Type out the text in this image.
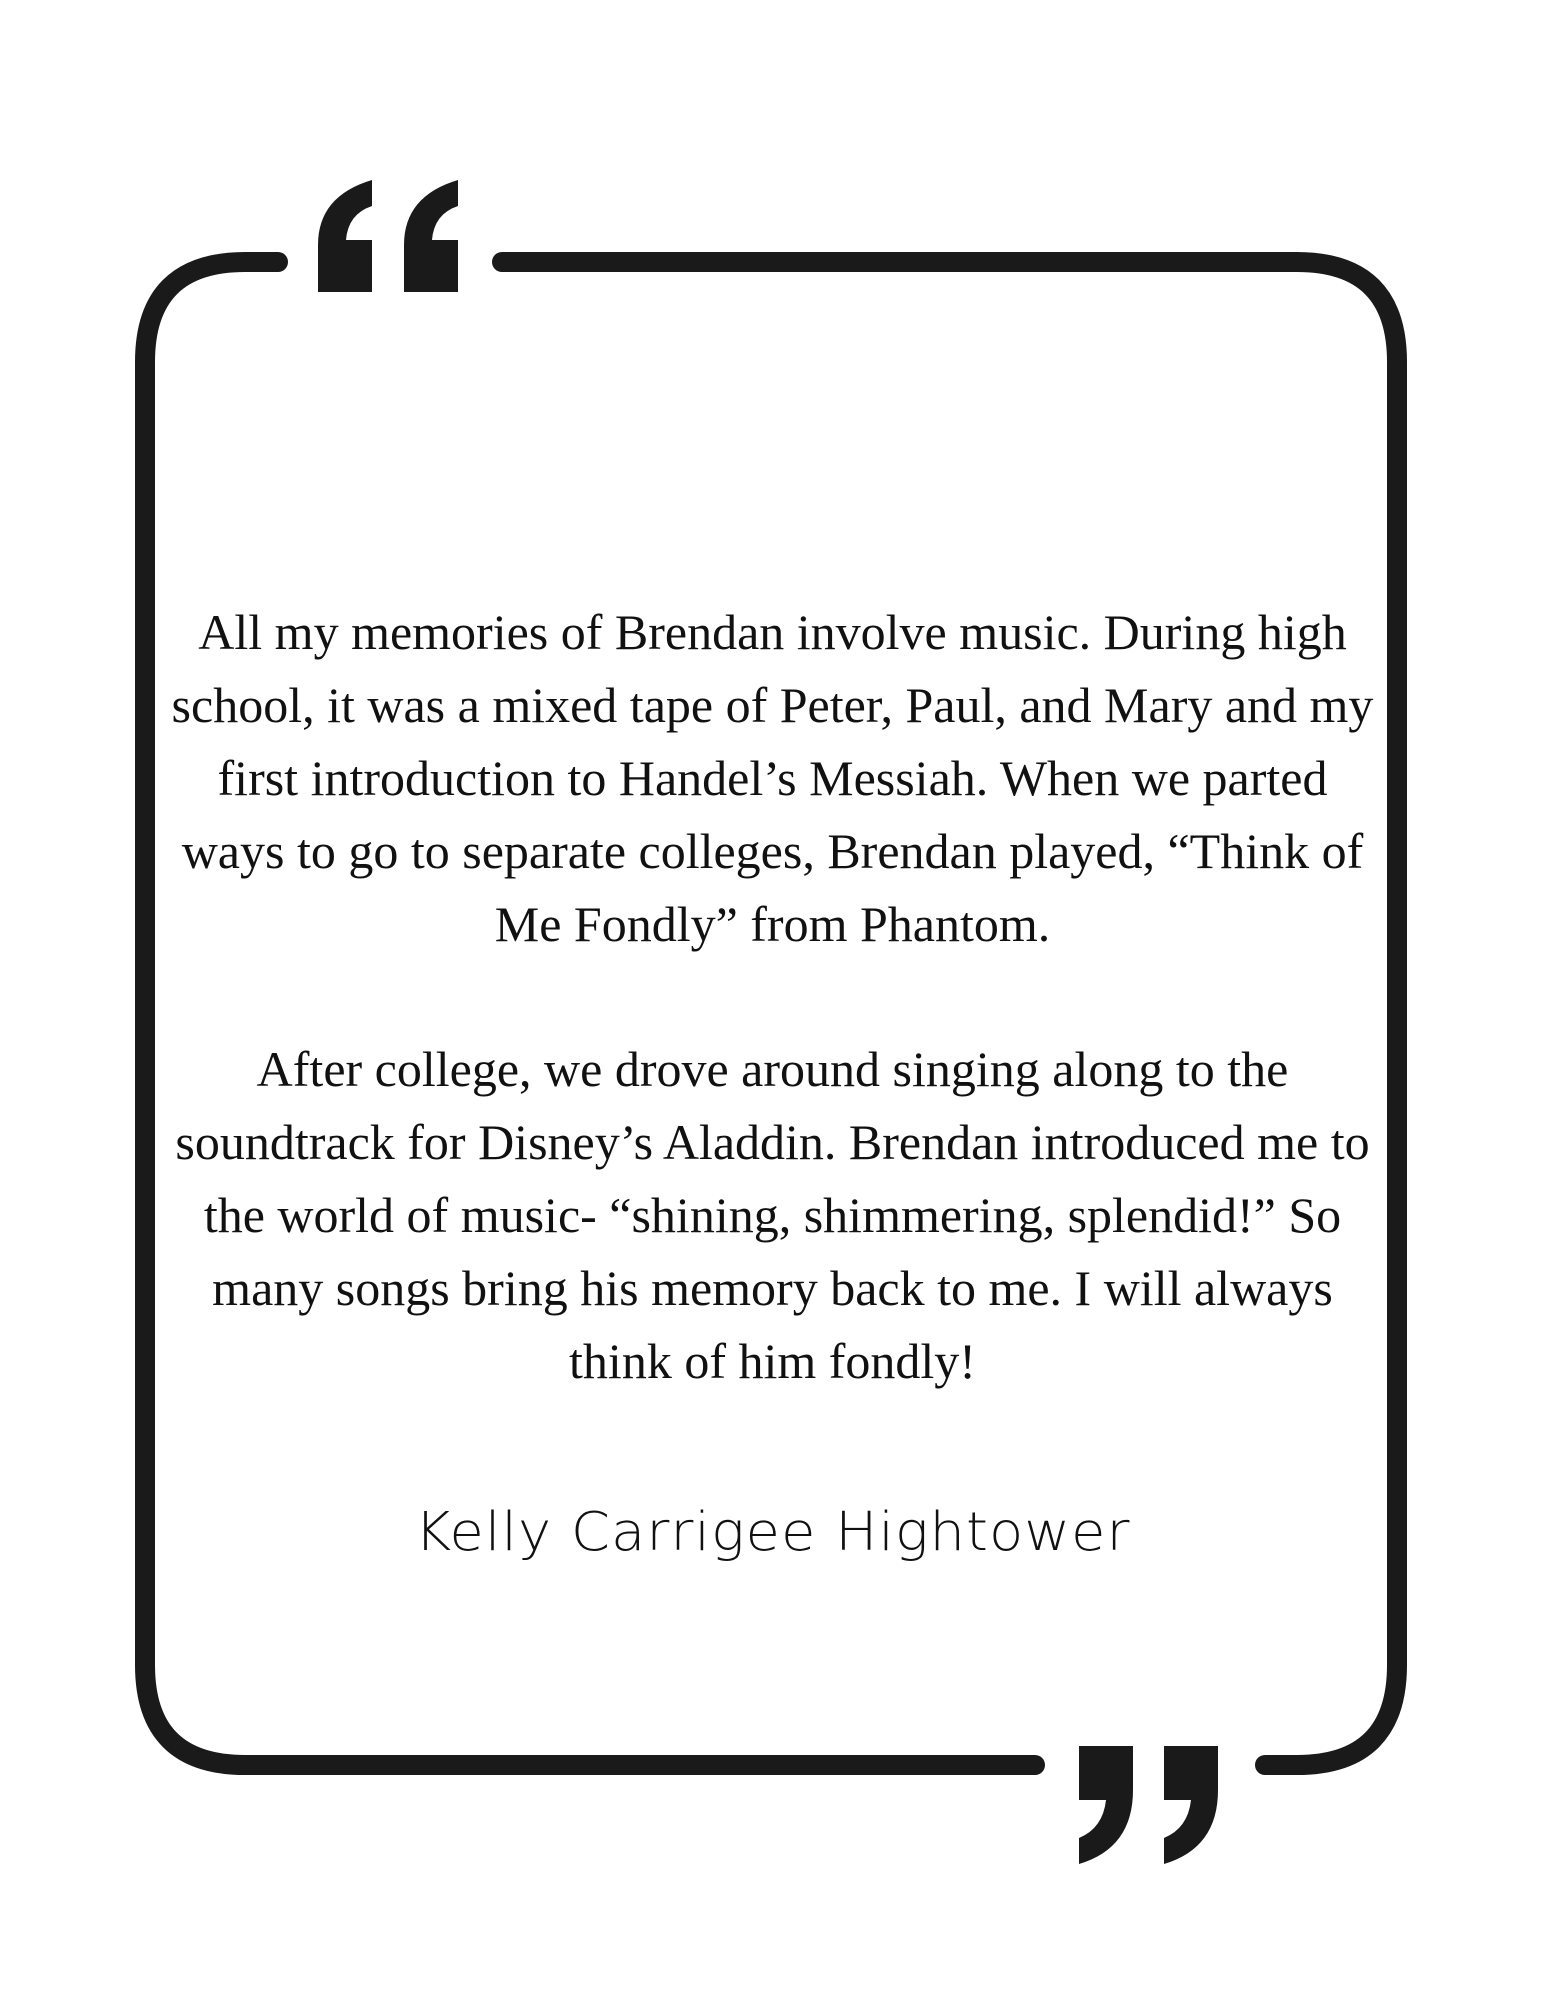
All my memories of Brendan involve music. During high school, it was a mixed tape of Peter, Paul, and Mary and my first introduction to Handel’s Messiah. When we parted ways to go to separate colleges, Brendan played, “Think of Me Fondly” from Phantom.

After college, we drove around singing along to the soundtrack for Disney’s Aladdin. Brendan introduced me to the world of music- “shining, shimmering, splendid!” So many songs bring his memory back to me. I will always think of him fondly!

Kelly Carrigee Hightower
